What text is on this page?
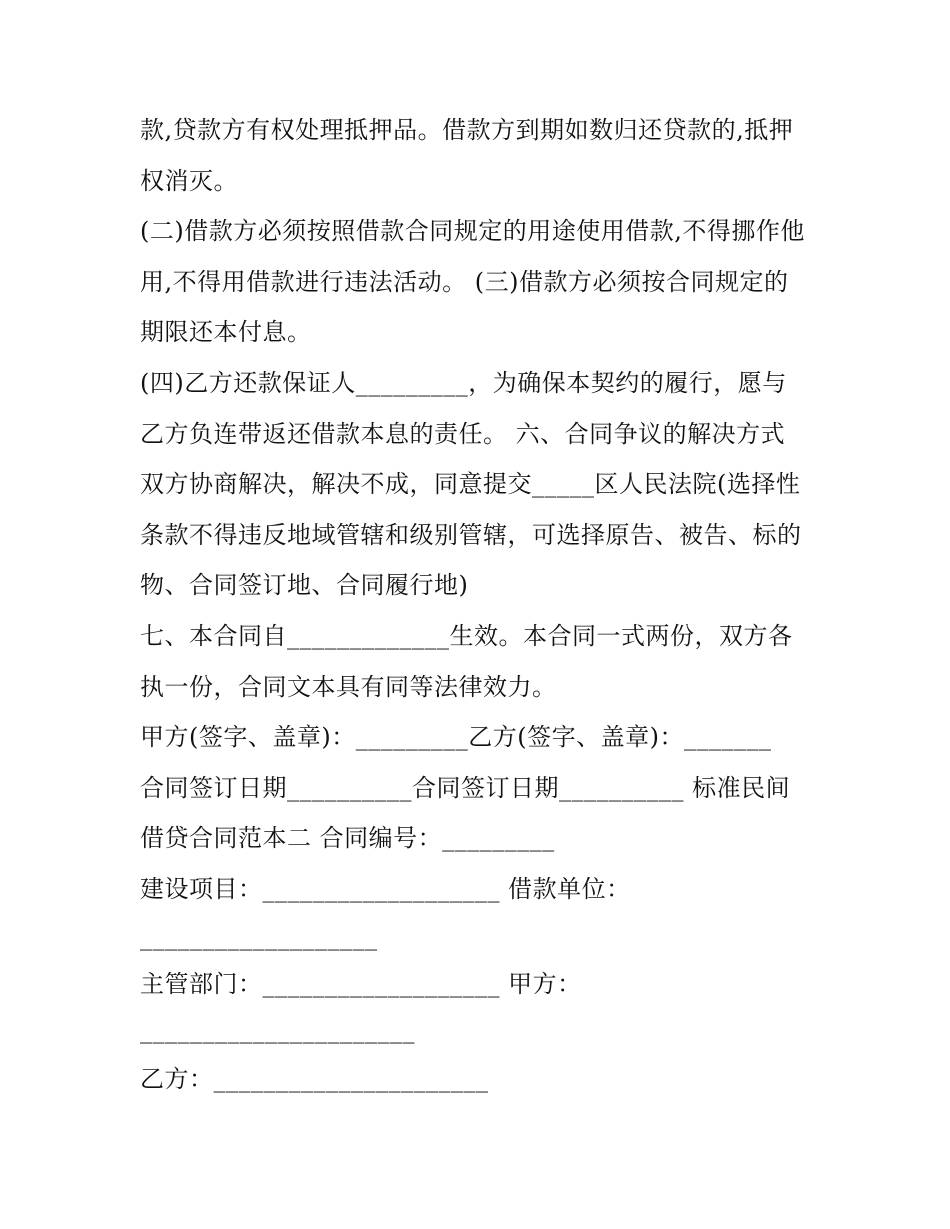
款,贷款方有权处理抵押品。借款方到期如数归还贷款的,抵押
权消灭。
(二)借款方必须按照借款合同规定的用途使用借款,不得挪作他
用,不得用借款进行违法活动。 (三)借款方必须按合同规定的
期限还本付息。
(四)乙方还款保证人_________，为确保本契约的履行，愿与
乙方负连带返还借款本息的责任。 六、合同争议的解决方式
双方协商解决，解决不成，同意提交_____区人民法院(选择性
条款不得违反地域管辖和级别管辖，可选择原告、被告、标的
物、合同签订地、合同履行地)
七、本合同自_____________生效。本合同一式两份，双方各
执一份，合同文本具有同等法律效力。
甲方(签字、盖章)：_________乙方(签字、盖章)：_______
合同签订日期__________合同签订日期__________ 标准民间
借贷合同范本二 合同编号：_________
建设项目：___________________ 借款单位：
___________________
主管部门：___________________ 甲方：
______________________
乙方：______________________
